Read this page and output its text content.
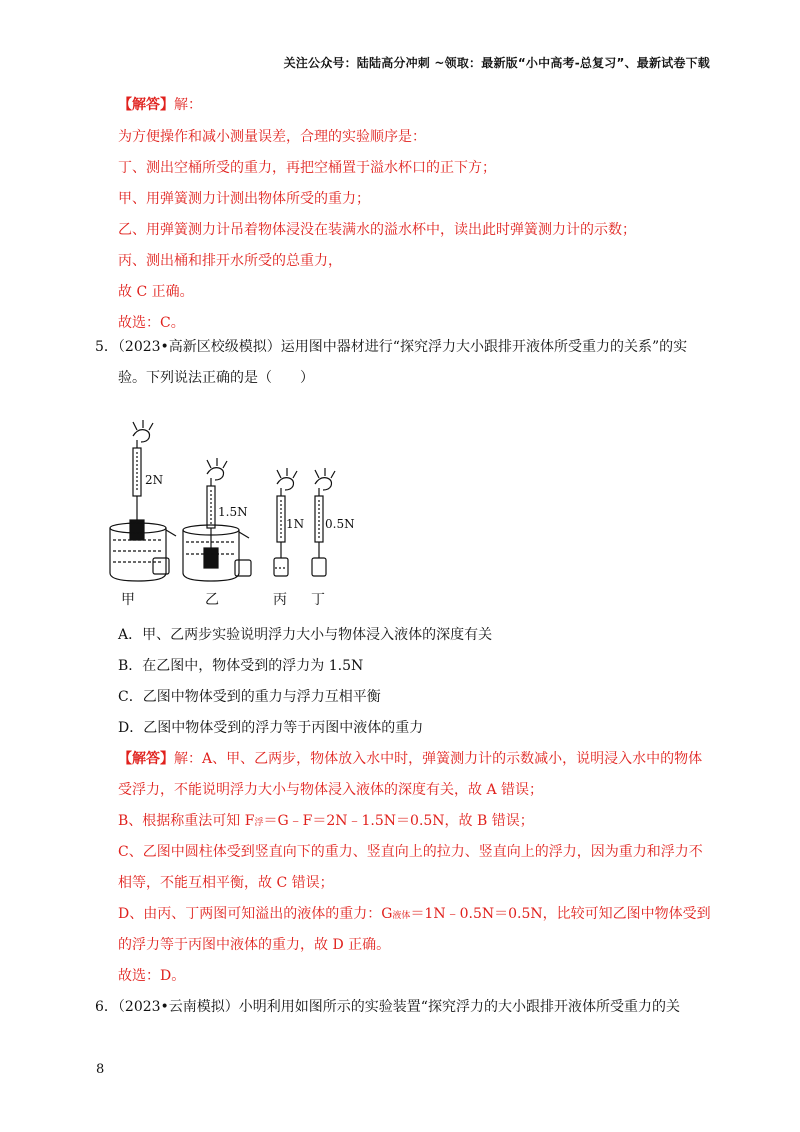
关注公众号：陆陆高分冲刺 ~领取：最新版“小中高考-总复习”、最新试卷下载
【解答】解：
为方便操作和减小测量误差，合理的实验顺序是：
丁、测出空桶所受的重力，再把空桶置于溢水杯口的正下方；
甲、用弹簧测力计测出物体所受的重力；
乙、用弹簧测力计吊着物体浸没在装满水的溢水杯中，读出此时弹簧测力计的示数；
丙、测出桶和排开水所受的总重力，
故 C 正确。
故选：C。
5．（2023•高新区校级模拟）运用图中器材进行“探究浮力大小跟排开液体所受重力的关系”的实
验。下列说法正确的是（　　）
2N
1.5N
1N 0.5N
甲	乙	丙 丁
A．甲、乙两步实验说明浮力大小与物体浸入液体的深度有关
B．在乙图中，物体受到的浮力为 1.5N
C．乙图中物体受到的重力与浮力互相平衡
D．乙图中物体受到的浮力等于丙图中液体的重力
【解答】解：A、甲、乙两步，物体放入水中时，弹簧测力计的示数减小，说明浸入水中的物体
受浮力，不能说明浮力大小与物体浸入液体的深度有关，故 A 错误；
B、根据称重法可知 F浮＝G﹣F＝2N﹣1.5N＝0.5N，故 B 错误；
C、乙图中圆柱体受到竖直向下的重力、竖直向上的拉力、竖直向上的浮力，因为重力和浮力不
相等，不能互相平衡，故 C 错误；
D、由丙、丁两图可知溢出的液体的重力：G液体＝1N﹣0.5N＝0.5N，比较可知乙图中物体受到
的浮力等于丙图中液体的重力，故 D 正确。
故选：D。
6．（2023•云南模拟）小明利用如图所示的实验装置“探究浮力的大小跟排开液体所受重力的关
8
